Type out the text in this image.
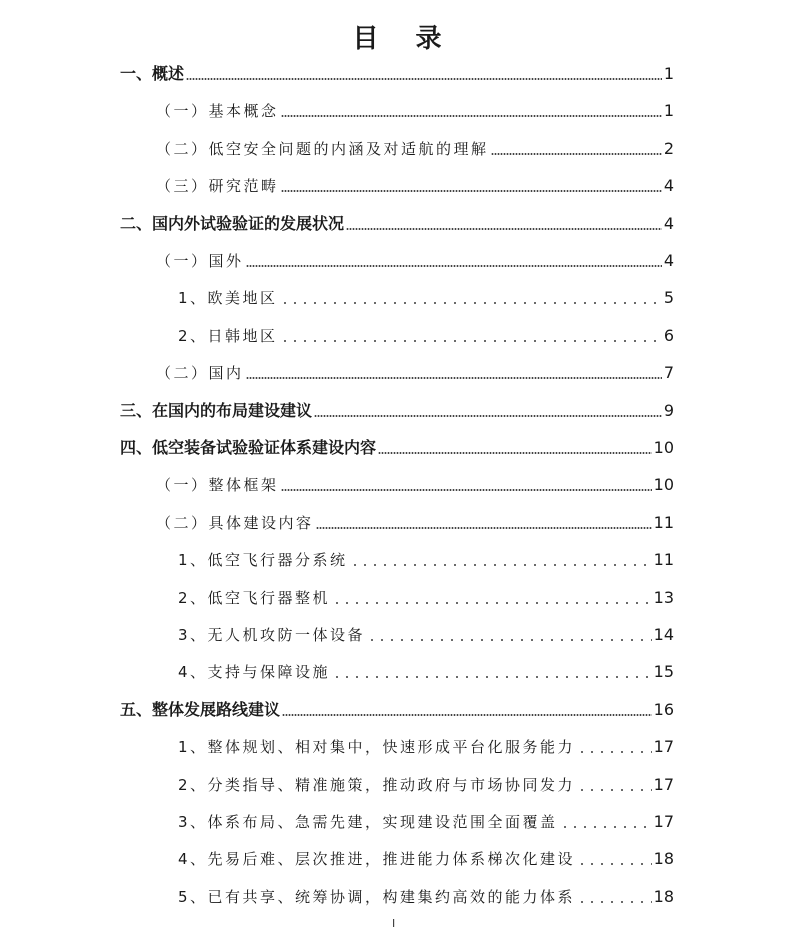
目 录
一、概述	1
（一）基本概念	1
（二）低空安全问题的内涵及对适航的理解	2
（三）研究范畴	4
二、国内外试验验证的发展状况	4
（一）国外	4
1、欧美地区	5
2、日韩地区	6
（二）国内	7
三、在国内的布局建设建议	9
四、低空装备试验验证体系建设内容	10
（一）整体框架	10
（二）具体建设内容	11
1、低空飞行器分系统	11
2、低空飞行器整机	13
3、无人机攻防一体设备	14
4、支持与保障设施	15
五、整体发展路线建议	16
1、整体规划、相对集中，快速形成平台化服务能力	17
2、分类指导、精准施策，推动政府与市场协同发力	17
3、体系布局、急需先建，实现建设范围全面覆盖	17
4、先易后难、层次推进，推进能力体系梯次化建设	18
5、已有共享、统筹协调，构建集约高效的能力体系	18
I
